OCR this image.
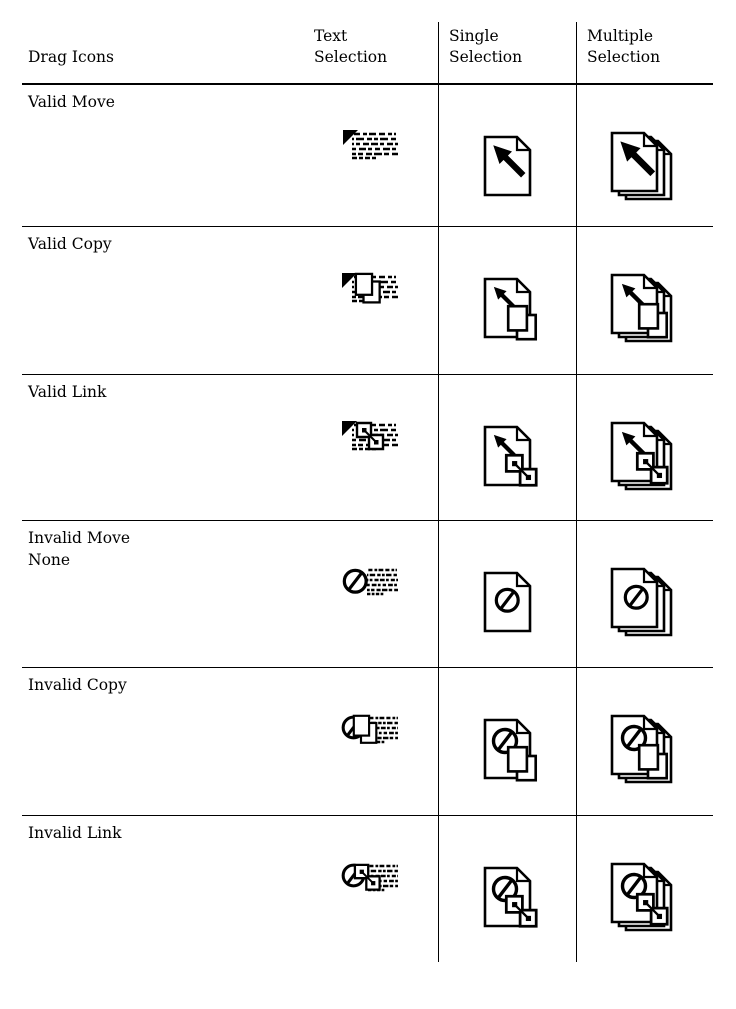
Drag Icons
Text
Selection
Single
Selection
Multiple
Selection
Valid Move
Valid Copy
Valid Link
Invalid Move
None
Invalid Copy
Invalid Link
